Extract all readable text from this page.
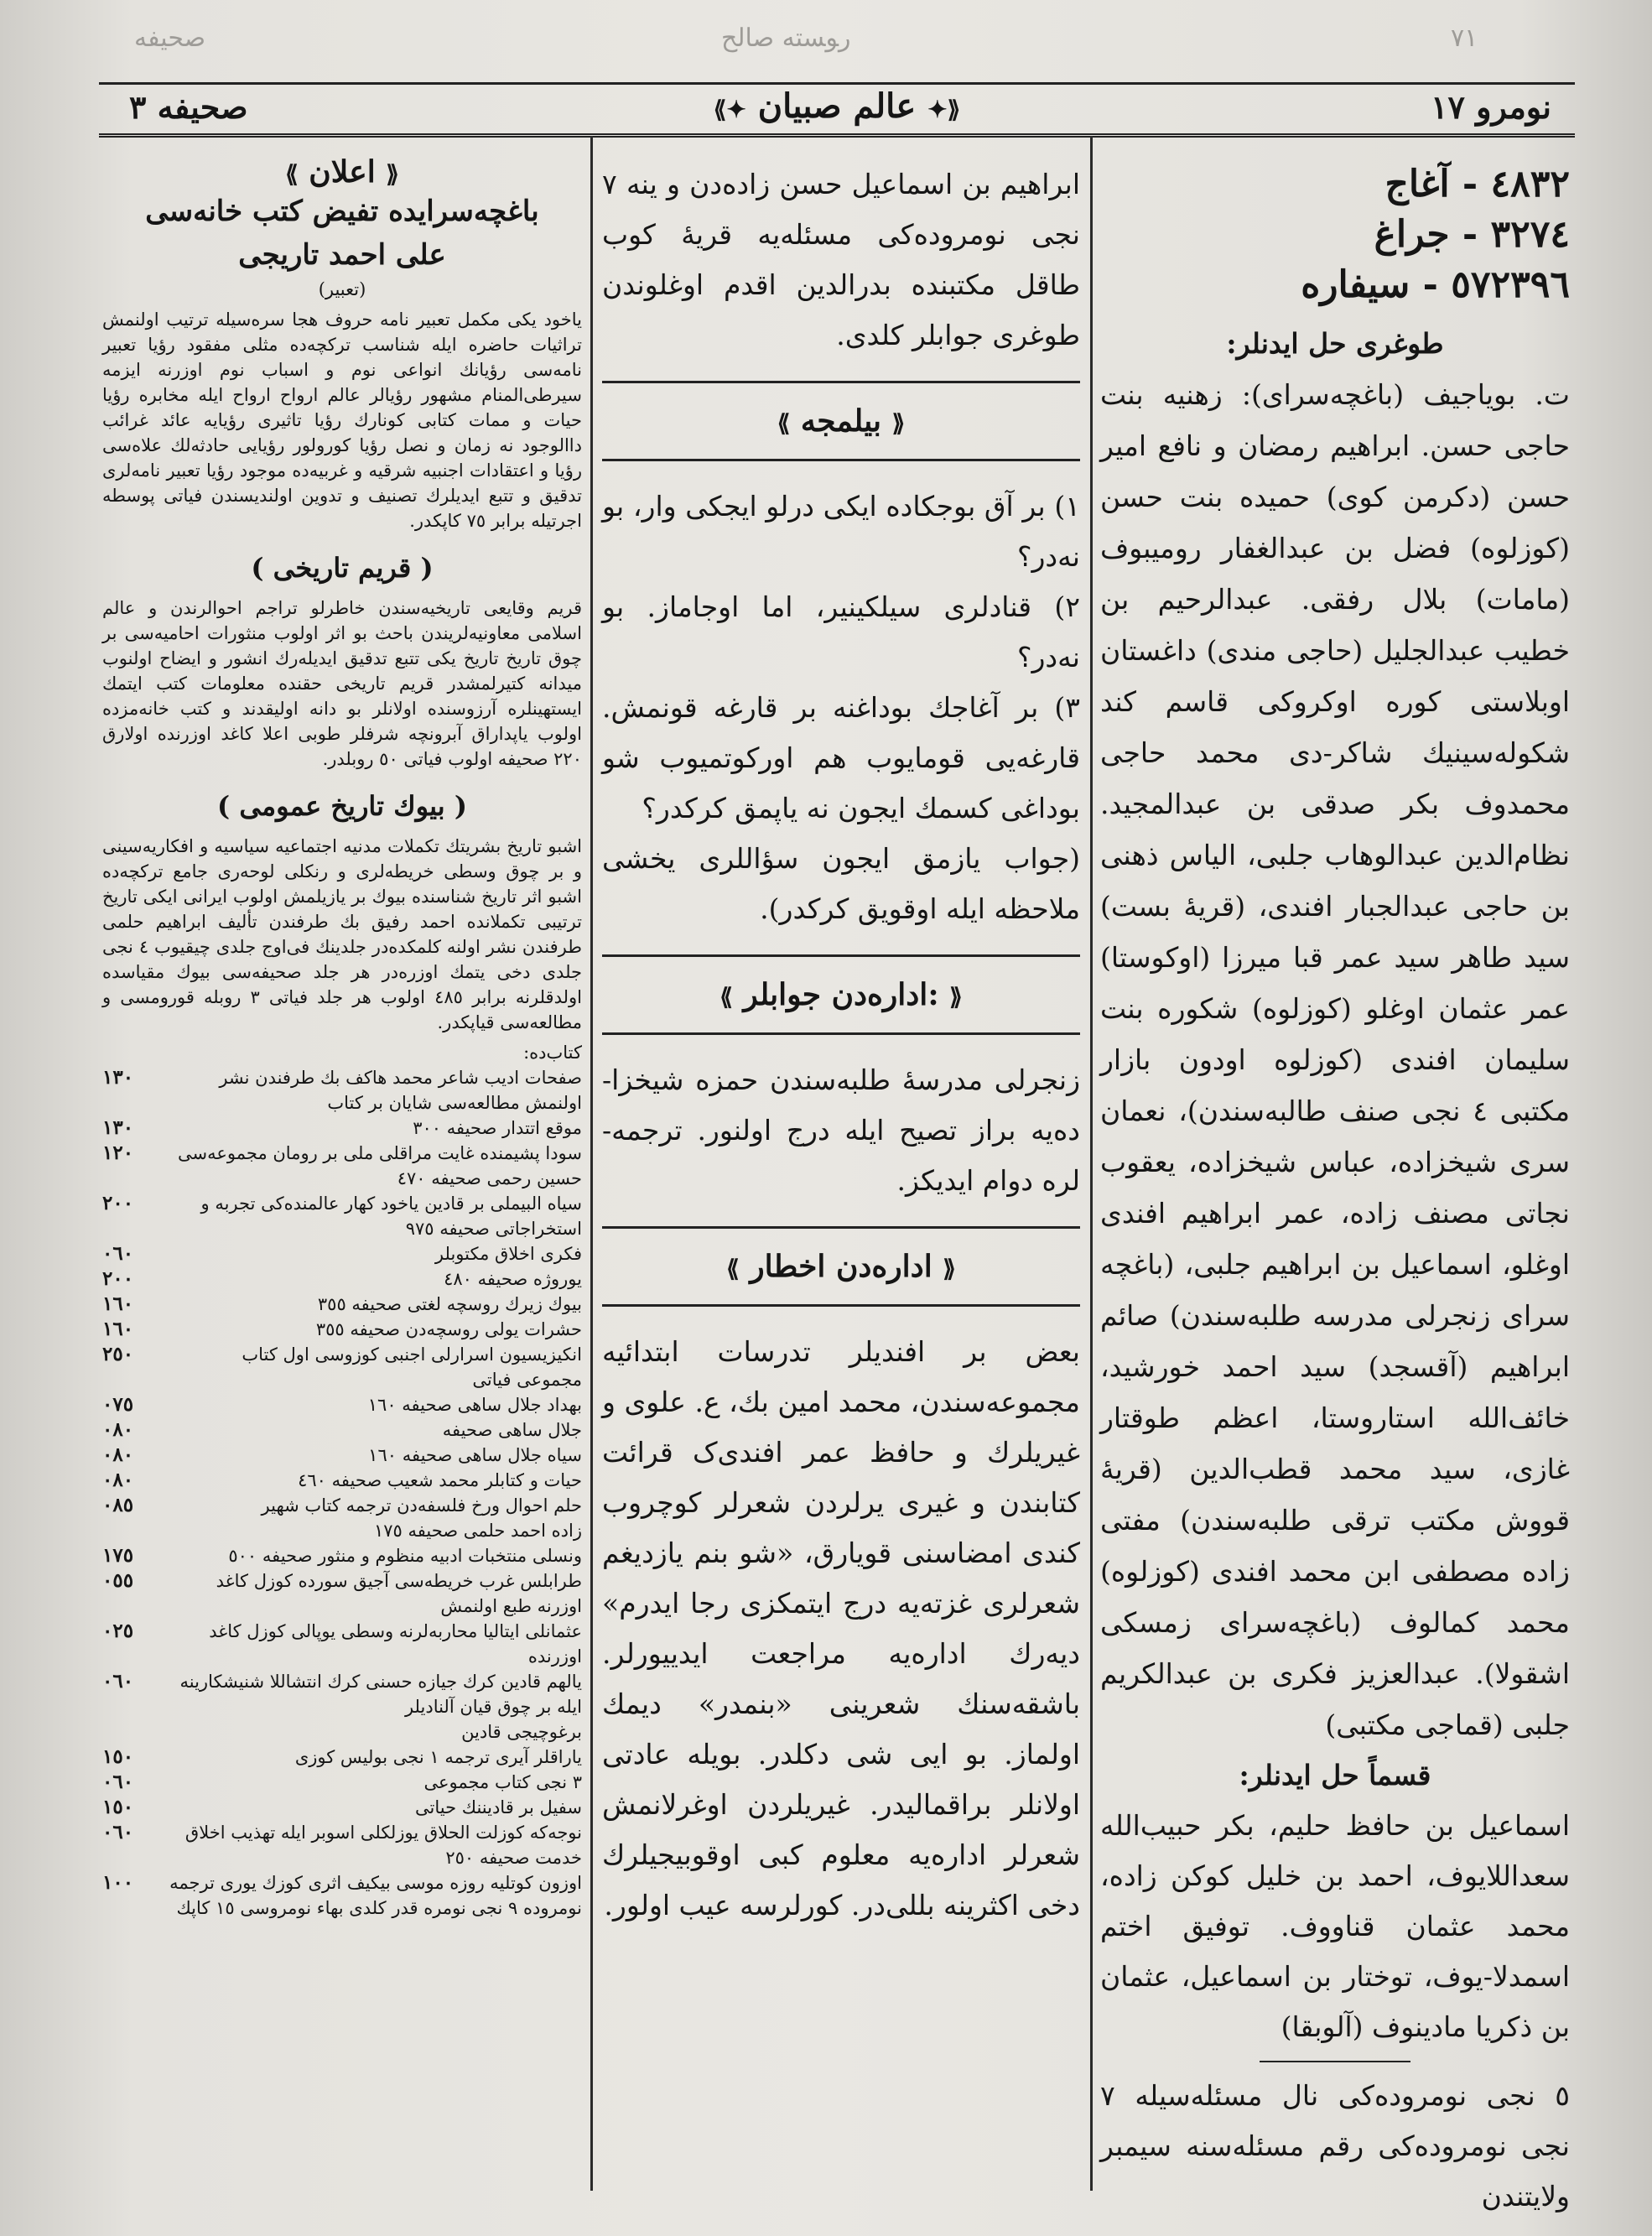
٧١
ﺭﻮﺴﺘﻪ ﺻﺎﻟﺢ
ﺻﺤﻴﻔﻪ
نومرو ١٧
⟪✦ عالم صبیان ✦⟫
صحیفه ٣
٤٨٣٢ - آغاج
٣٢٧٤ - جراغ
٥٧٢٣٩٦ - سیفاره

طوغری حل ایدنلر:

ت. بویاجیف (باغچه‌سرای): زهنیه بنت حاجی حسن. ابراهیم رمضان و نافع امیر حسن (دکرمن کوی) حمیده بنت حسن (کوزلوه) فضل بن عبدالغفار رومیبوف (مامات) بلال رفقی. عبدالرحیم بن خطیب عبدالجلیل (حاجی مندی) داغستان اوبلاستی کوره اوکروکی قاسم کند شکوله‌سینیك شاکر-دی محمد حاجی محمدوف بکر صدقی بن عبدالمجید. نظام‌الدین عبدالوهاب جلبی، الیاس ذهنی بن حاجی عبدالجبار افندی، (قریهٔ بست) سید طاهر سید عمر قبا میرزا (اوکوستا) عمر عثمان اوغلو (کوزلوه) شکوره بنت سلیمان افندی (کوزلوه اودون بازار مکتبی ٤ نجی صنف طالبه‌سندن)، نعمان سری شیخزاده، عباس شیخزاده، یعقوب نجاتی مصنف زاده، عمر ابراهیم افندی اوغلو، اسماعیل بن ابراهیم جلبی، (باغچه سرای زنجرلی مدرسه طلبه‌سندن) صائم ابراهیم (آقسجد) سید احمد خورشید، خائف‌الله استاروستا، اعظم طوقتار غازی، سید محمد قطب‌الدین (قریهٔ قووش مکتب ترقی طلبه‌سندن) مفتی زاده مصطفی ابن محمد افندی (کوزلوه) محمد کمالوف (باغچه‌سرای زمسکی اشقولا). عبدالعزیز فکری بن عبدالکریم جلبی (قماجی مکتبی)

قسماً حل ایدنلر:

اسماعیل بن حافظ حلیم، بکر حبیب‌الله سعداللایوف، احمد بن خلیل کوکن زاده، محمد عثمان قناووف. توفیق اختم اسمدلا-یوف، توختار بن اسماعیل، عثمان بن ذکریا مادینوف (آلوبقا)

٥ نجی نومروده‌کی نال مسئله‌سیله ٧ نجی نومروده‌کی رقم مسئله‌سنه سیمبر ولایتندن

ابراهیم بن اسماعیل حسن زاده‌دن و ینه ٧ نجی نومروده‌کی مسئله‌یه قریهٔ کوب طاقل مکتبنده بدرالدین اقدم اوغلوندن طوغری جوابلر کلدی.

⟪ بیلمجه ⟫

١) بر آق بوجکاده ایکی درلو ایجکی وار، بو نه‌در؟

٢) قنادلری سیلکینیر، اما اوجاماز. بو نه‌در؟

٣) بر آغاجك بوداغنه بر قارغه قونمش. قارغه‌یی قومایوب هم اورکوتمیوب شو بوداغی کسمك ایجون نه یاپمق کرکدر؟

(جواب یازمق ایجون سؤاللری یخشی ملاحظه ایله اوقویق کرکدر).

⟪ اداره‌دن جوابلر: ⟫

زنجرلی مدرسهٔ طلبه‌سندن حمزه شیخزا-ده‌یه براز تصیح ایله درج اولنور. ترجمه-لره دوام ایدیکز.

⟪ اداره‌دن اخطار ⟫

بعض بر افندیلر تدرسات ابتدائیه مجموعه‌سندن، محمد امین بك، ع. علوی و غیریلرك و حافظ عمر افندی‌ک قرائت کتابندن و غیری یرلردن شعرلر کوچروب کندی امضاسنی قویارق، «شو بنم یازدیغم شعرلری غزته‌یه درج ایتمکزی رجا ایدرم» دیه‌رك اداره‌یه مراجعت ایدییورلر. باشقه‌سنك شعرینی «بنمدر» دیمك اولماز. بو ایی شی دکلدر. بویله عادتی اولانلر براقمالیدر. غیریلردن اوغرلانمش شعرلر اداره‌یه معلوم کبی اوقوبیجیلرك دخی اکثرینه بللی‌در. کورلرسه عیب اولور.

⟪ اعلان ⟫

باغچه‌سرایده تفیض کتب خانه‌سی

علی احمد تاریجی

(تعبیر)

یاخود یکی مکمل تعبیر نامه حروف هجا سره‌سیله ترتیب اولنمش تراثیات حاضره ایله شناسب ترکچه‌ده مثلی مفقود رؤیا تعبیر نامه‌سی رؤیانك انواعی نوم و اسباب نوم اوزرنه ایزمه سیرطی‌المنام مشهور رؤیالر عالم ارواح ارواح ایله مخابره رؤیا حیات و ممات کتابی کونارك رؤیا تاثیری رؤیایه عائد غرائب داالوجود نه زمان و نصل رؤیا کورولور رؤیایی حادثه‌لك علاه‌سی رؤیا و اعتقادات اجنبیه شرقیه و غربیه‌ده موجود رؤیا تعبیر نامه‌لری تدقیق و تتبع ایدیلرك تصنیف و تدوین اولندیسندن فیاتی پوسطه اجرتیله برابر ٧٥ کاپکدر.

( قریم تاریخی )

قریم وقایعی تاریخیه‌سندن خاطرلو تراجم احوالرندن و عالم اسلامی معاونیه‌لریندن باحث بو اثر اولوب منثورات احامیه‌سی بر چوق تاریخ تاریخ یکی تتبع تدقیق ایدیله‌رك انشور و ایضاح اولنوب میدانه کتیرلمشدر قریم تاریخی حقنده معلومات کتب ایتمك ایستهینلره آرزوسنده اولانلر بو دانه اولیقدند و کتب خانه‌مزده اولوب یاپداراق آبرونچه شرفلر طوبی اعلا کاغد اوزرنده اولارق ٢٢٠ صحیفه اولوب فیاتی ٥٠ روبلدر.

( بیوك تاریخ عمومی )

اشبو تاریخ بشریتك تکملات مدنیه اجتماعیه سیاسیه و افکاریه‌سینی و بر چوق وسطی خریطه‌لری و رنکلی لوحه‌ری جامع ترکچه‌ده اشبو اثر تاریخ شناسنده بیوك بر یازیلمش اولوب ایرانی ایکی تاریخ ترتیبی تکملانده احمد رفیق بك طرفندن تألیف ابراهیم حلمی طرفندن نشر اولنه کلمکده‌در جلدینك فی‌اوج جلدی چیقیوب ٤ نجی جلدی دخی یتمك اوزره‌در هر جلد صحیفه‌سی بیوك مقیاسده اولدقلرنه برابر ٤٨٥ اولوب هر جلد فیاتی ٣ روبله قورومسی و مطالعه‌سی قیاپکدر.

کتاب‌ده:

صفحات ادیب شاعر محمد هاکف بك طرفندن نشر اولنمش مطالعه‌سی شایان بر کتاب
١٣٠
موقع اتتدار صحیفه ٣٠٠
١٣٠
سودا پشیمنده غایت مراقلی ملی بر رومان مجموعه‌سی حسین رحمی صحیفه ٤٧٠
١٢٠
سیاه البیملی بر قادین یاخود کهار عالمنده‌کی تجربه و استخراجاتی صحیفه ٩٧٥
٢٠٠
فکری اخلاق مکتوبلر
٠٦٠
یوروژه صحیفه ٤٨٠
٢٠٠
بیوك زیرك روسچه لغتی صحیفه ٣٥٥
١٦٠
حشرات یولی روسچه‌دن صحیفه ٣٥٥
١٦٠
انکیزیسیون اسرارلی اجنبی کوزوسی اول کتاب
٢٥٠
مجموعی فیاتی
بهداد جلال ساهی صحیفه ١٦٠
٠٧٥
جلال ساهی صحیفه
٠٨٠
سیاه جلال ساهی صحیفه ١٦٠
٠٨٠
حیات و کتابلر محمد شعیب صحیفه ٤٦٠
٠٨٠
حلم احوال ورخ فلسفه‌دن ترجمه کتاب شهیر
٠٨٥
زاده احمد حلمی صحیفه ١٧٥
ونسلی منتخبات ادبیه منظوم و منثور صحیفه ٥٠٠
١٧٥
طرابلس غرب خریطه‌سی آجیق سورده کوزل کاغد اوزرنه طبع اولنمش
٠٥٥
عثمانلی ایتالیا محاربه‌لرنه وسطی یوپالی کوزل کاغد اوزرنده
٠٢٥
یالهم قادین کرك جیازه حسنی کرك انتشاللا شنیشکارینه ایله بر چوق قیان آلنادیلر
٠٦٠
برغوچیجی قادین
یاراقلر آیری ترجمه ١ نجی بولیس کوزی
١٥٠
٣ نجی کتاب مجموعی
٠٦٠
سفیل بر قادیننك حیاتی
١٥٠
نوجه‌که کوزلت الحلاق یوزلکلی اسوبر ایله تهذیب اخلاق خدمت صحیفه ٢٥٠
٠٦٠
اوزون کوتلیه روزه موسی بیکیف اثری کوزك یوری ترجمه نومروده ٩ نجی نومره قدر کلدی بهاء نومروسی ١٥ کاپك
١٠٠
